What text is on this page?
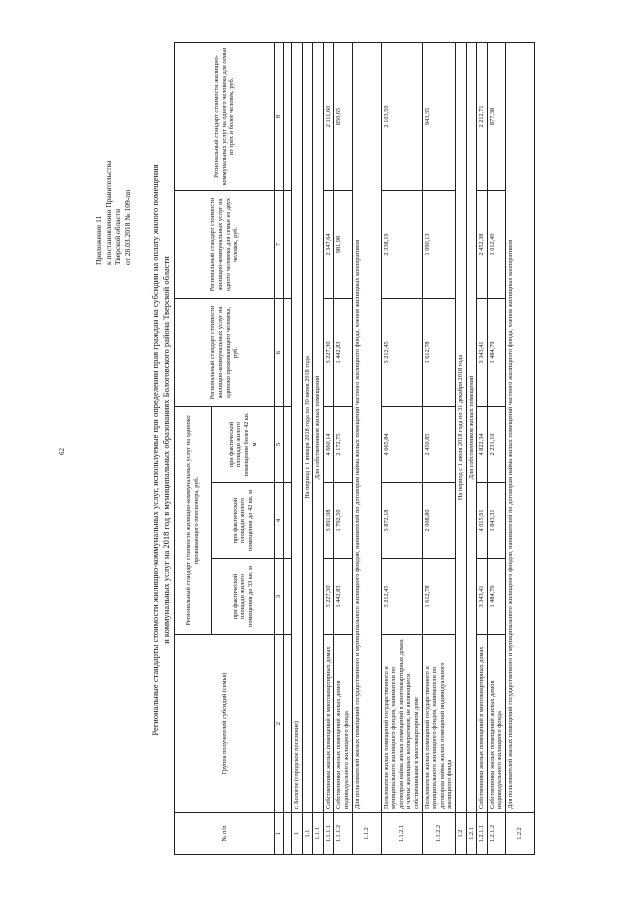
62
Приложение 11 к постановлению Правительства Тверской области от 28.03.2018 № 109-пп Региональные стандарты стоимости жилищно-коммунальных услуг, используемые при определении прав граждан на субсидии на оплату жилого помещения и коммунальных услуг на 2018 год в муниципальных образованиях Бологовского района Тверской области
№ п/п	Группа получателей субсидий (семья)	Региональный стандарт стоимости жилищно-коммунальных услуг на одиноко проживающего пенсионера, руб.			Региональный стандарт стоимости жилищно-коммунальных услуг на одиноко проживающего человека, руб.	Региональный стандарт стоимости жилищно-коммунальных услуг на одного человека для семьи из двух человек, руб.	Региональный стандарт стоимости жилищно-коммунальных услуг на одного человека для семьи из трех и более человек, руб.
		при фактической площади жилого помещения до 33 кв. м	при фактической площади жилого помещения до 42 кв. м	при фактической площади жилого помещения более 42 кв. м			
1	2	3	4	5	6	7	8

1	г. Бологое (городское поселение)						
1.1	На период с 1 января 2018 года по 30 июня 2018 года						
1.1.1	Для собственников жилых помещений						
1.1.1.1	Собственники жилых помещений в многоквартирных домах	3 227,30	3 891,08	4 660,14	3 227,30	2 347,64	2 111,60
1.1.1.2	Собственники жилых помещений жилых домов индивидуального жилищного фонда	1 442,83	1 792,50	2 172,75	1 442,83	981,98	850,65
1.1.2	Для пользователей жилых помещений государственного и муниципального жилищного фондов, нанимателей по договорам найма жилых помещений частного жилищного фонда, членов жилищных кооперативов						
1.1.2.1	Пользователи жилых помещений государственного и муниципального жилищного фондов, наниматели по договорам найма жилых помещений в многоквартирных домах и члены жилищных кооперативов, не являющиеся собственниками в многоквартирном доме	3 212,45	3 872,18	4 665,84	3 212,45	2 338,19	2 103,50
1.1.2.2	Пользователи жилых помещений государственного и муниципального жилищного фондов, наниматели по договорам найма жилых помещений индивидуального жилищного фонда	1 612,78	2 008,80	2 450,85	1 612,78	1 090,13	943,35
1.2	На период с 1 июля 2018 года по 31 декабря 2018 года						
1.2.1	Для собственников жилых помещений						
1.2.1.1	Собственники жилых помещений в многоквартирных домах	3 343,41	4 015,91	4 822,34	3 343,41	2 452,38	2 212,71
1.2.1.2	Собственники жилых помещений жилых домов индивидуального жилищного фонда	1 484,79	1 843,31	2 231,10	1 484,79	1 012,40	877,38
1.2.2	Для пользователей жилых помещений государственного и муниципального жилищного фондов, нанимателей по договорам найма жилых помещений частного жилищного фонда, членов жилищных кооперативов						
